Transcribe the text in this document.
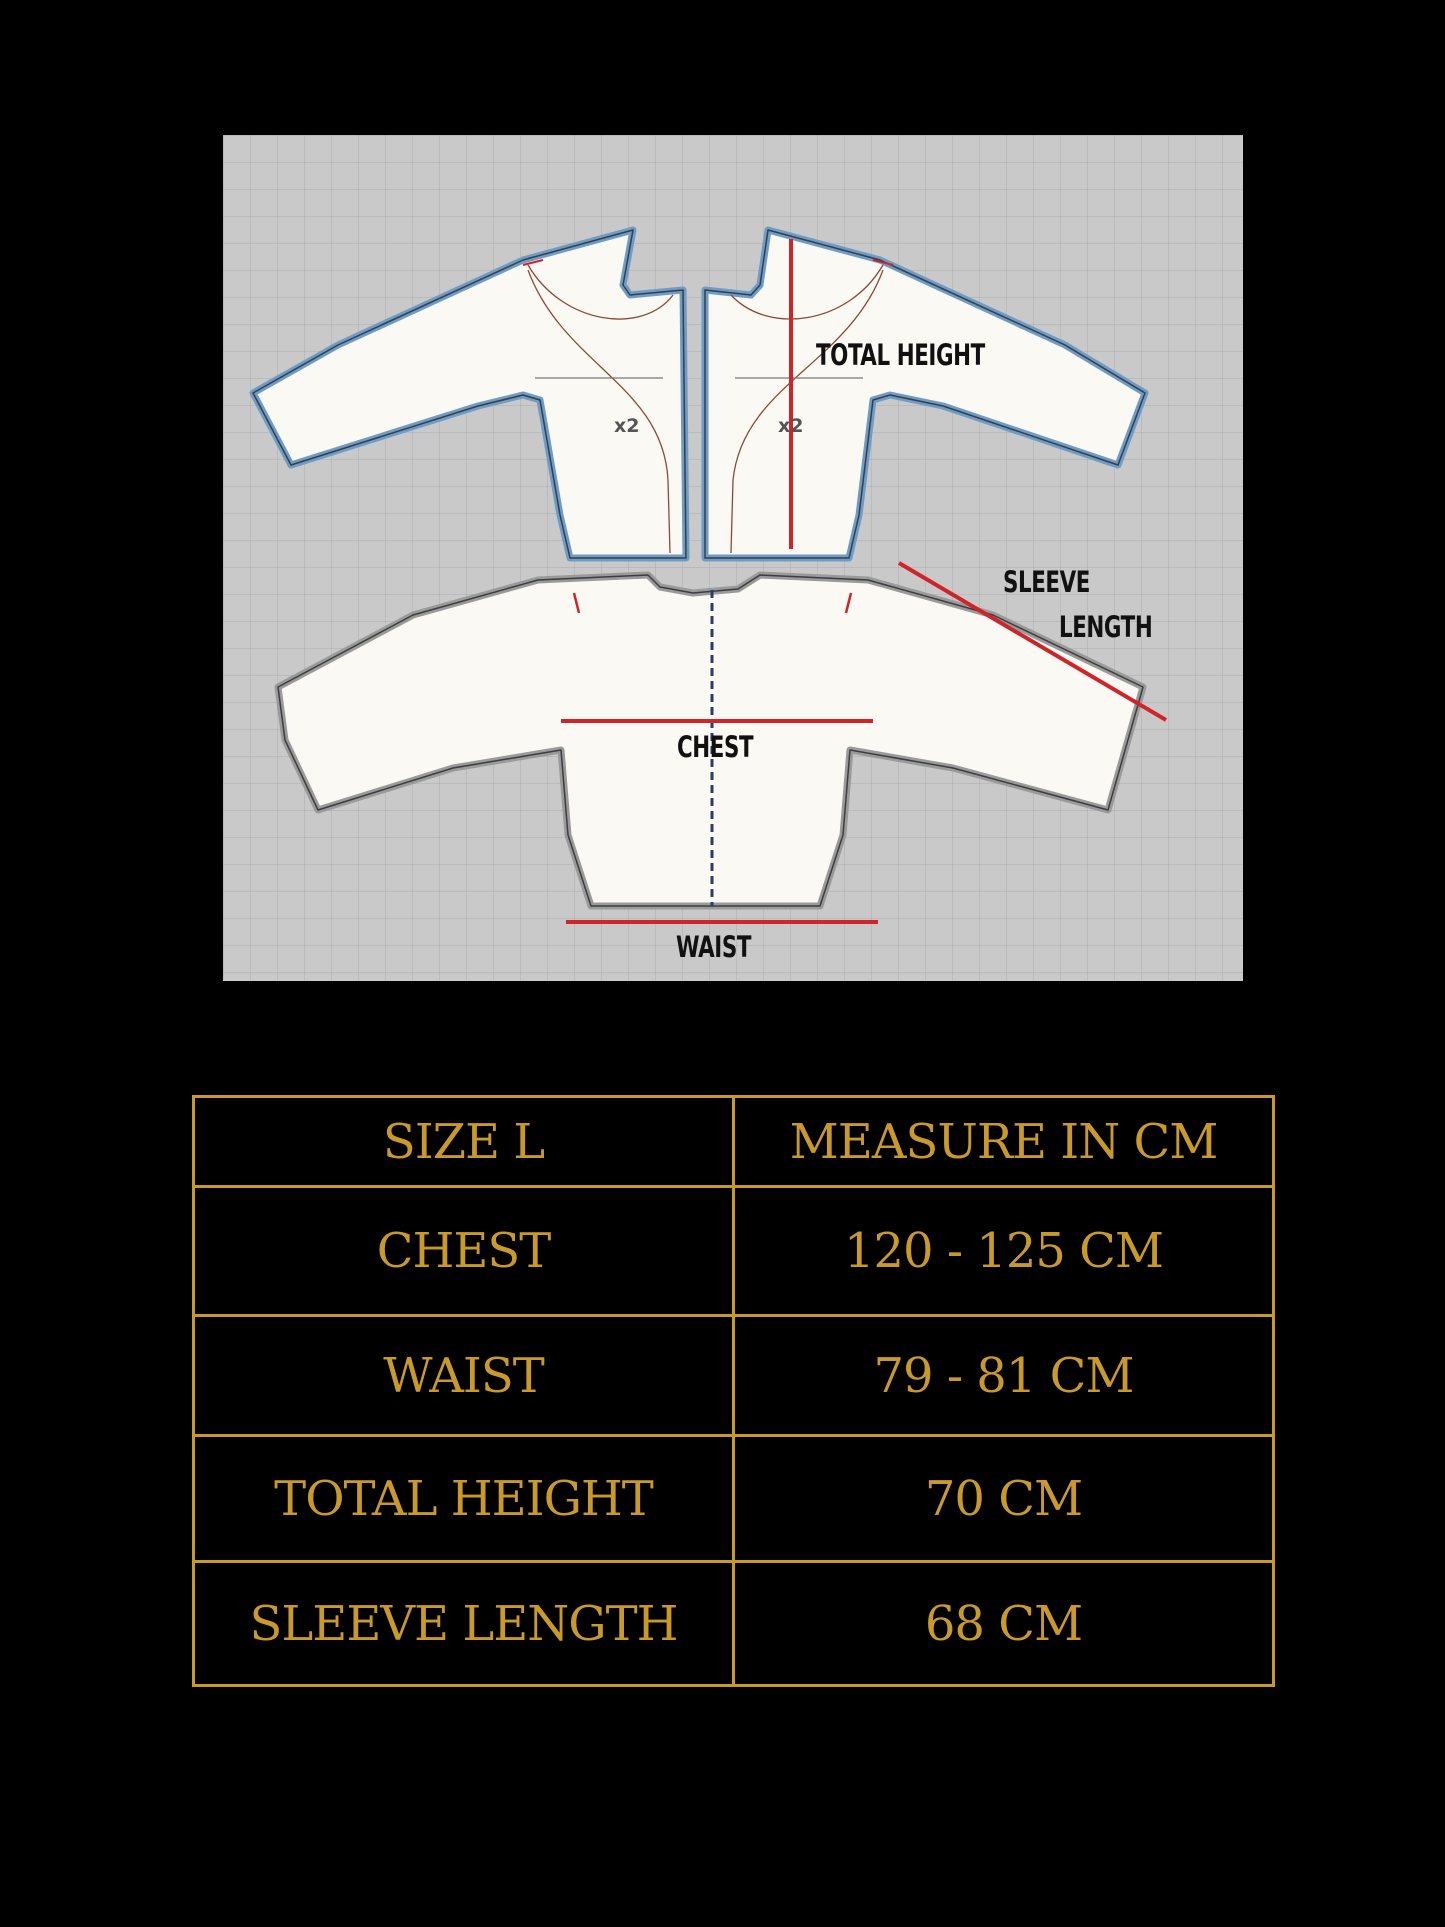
x2	x2
TOTAL HEIGHT
SLEEVE
LENGTH
CHEST
WAIST
SIZE L	MEASURE IN CM
CHEST	120 - 125 CM
WAIST	79 - 81 CM
TOTAL HEIGHT	70 CM
SLEEVE LENGTH	68 CM
